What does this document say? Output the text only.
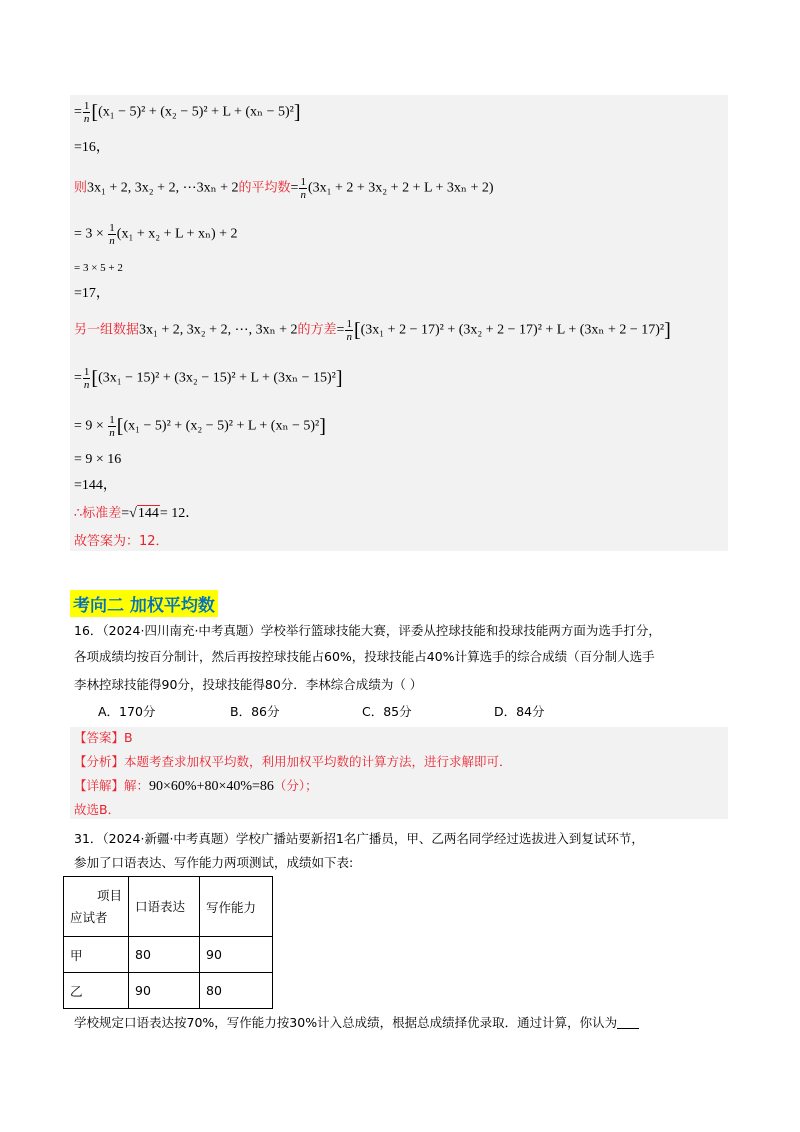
= $\frac{1}{n} [(x_1 - 5)^2 + (x_2 - 5)^2 + L + (x_n - 5)^2]$
=16，
则3x₁ + 2, 3x₂ + 2, ⋯3xₙ + 2的平均数= $\frac{1}{n} (3x_1 + 2 + 3x_2 + 2 + L + 3x_n + 2)$
= $3 \times \frac{1}{n} (x_1 + x_2 + L + x_n) + 2$
= 3 × 5 + 2
=17，
另一组数据3x₁ + 2, 3x₂ + 2, ⋯, 3xₙ + 2的方差= $\frac{1}{n} [(3x_1 + 2 - 17)^2 + (3x_2 + 2 - 17)^2 + L + (3x_n + 2 - 17)^2]$
= $\frac{1}{n} [(3x_1 - 15)^2 + (3x_2 - 15)^2 + L + (3x_n - 15)^2]$
= $9 \times \frac{1}{n} [(x_1 - 5)^2 + (x_2 - 5)^2 + L + (x_n - 5)^2]$
= 9 × 16
=144，
∴标准差=√144= 12．
故答案为：12．
考向二 加权平均数
16．（2024·四川南充·中考真题）学校举行篮球技能大赛，评委从控球技能和投球技能两方面为选手打分，
各项成绩均按百分制计，然后再按控球技能占60%，投球技能占40%计算选手的综合成绩（百分制人选手
李林控球技能得90分，投球技能得80分．李林综合成绩为（ ）
A．170分	B．86分	C．85分	D．84分
【答案】B
【分析】本题考查求加权平均数，利用加权平均数的计算方法，进行求解即可．
【详解】解：90×60%+80×40%=86（分）；
故选B．
31．（2024·新疆·中考真题）学校广播站要新招1名广播员，甲、乙两名同学经过选拔进入到复试环节，
参加了口语表达、写作能力两项测试，成绩如下表:
项目
应试者	口语表达	写作能力
甲	80	90
乙	90	80
学校规定口语表达按70%，写作能力按30%计入总成绩，根据总成绩择优录取．通过计算，你认为
